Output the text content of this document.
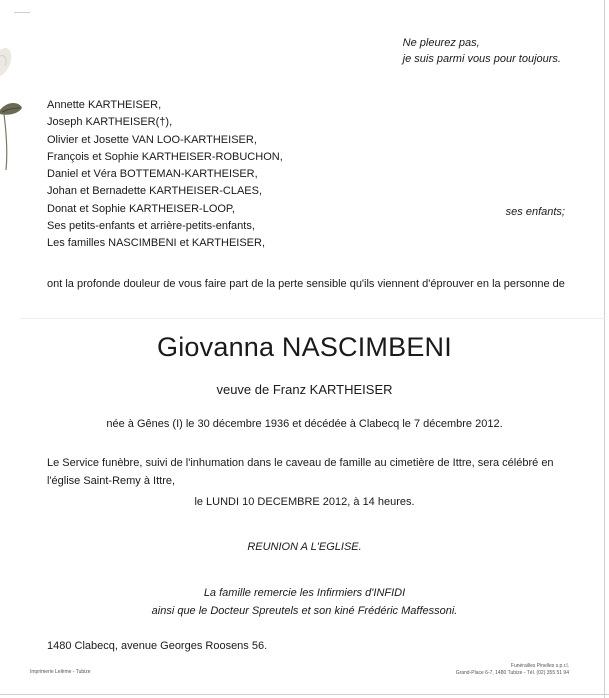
Ne pleurez pas,
je suis parmi vous pour toujours.
Annette KARTHEISER,
Joseph KARTHEISER(†),
Olivier et Josette VAN LOO-KARTHEISER,
François et Sophie KARTHEISER-ROBUCHON,
Daniel et Véra BOTTEMAN-KARTHEISER,
Johan et Bernadette KARTHEISER-CLAES,
Donat et Sophie KARTHEISER-LOOP,
Ses petits-enfants et arrière-petits-enfants,
Les familles NASCIMBENI et KARTHEISER,
ses enfants;
ont la profonde douleur de vous faire part de la perte sensible qu'ils viennent d'éprouver en la personne de
Giovanna NASCIMBENI
veuve de Franz KARTHEISER
née à Gênes (I) le 30 décembre 1936 et décédée à Clabecq le 7 décembre 2012.
Le Service funèbre, suivi de l'inhumation dans le caveau de famille au cimetière de Ittre, sera célébré en l'église Saint-Remy à Ittre,
le LUNDI 10 DECEMBRE 2012, à 14 heures.
REUNION A L'EGLISE.
La famille remercie les Infirmiers d'INFIDI
ainsi que le Docteur Spreutels et son kiné Frédéric Maffessoni.
1480 Clabecq, avenue Georges Roosens 56.
Imprimerie Lelème - Tubize
Funérailles Pinelles s.p.r.l.
Grand-Place 6-7, 1480 Tubize - Tél. (02) 355 51 94
